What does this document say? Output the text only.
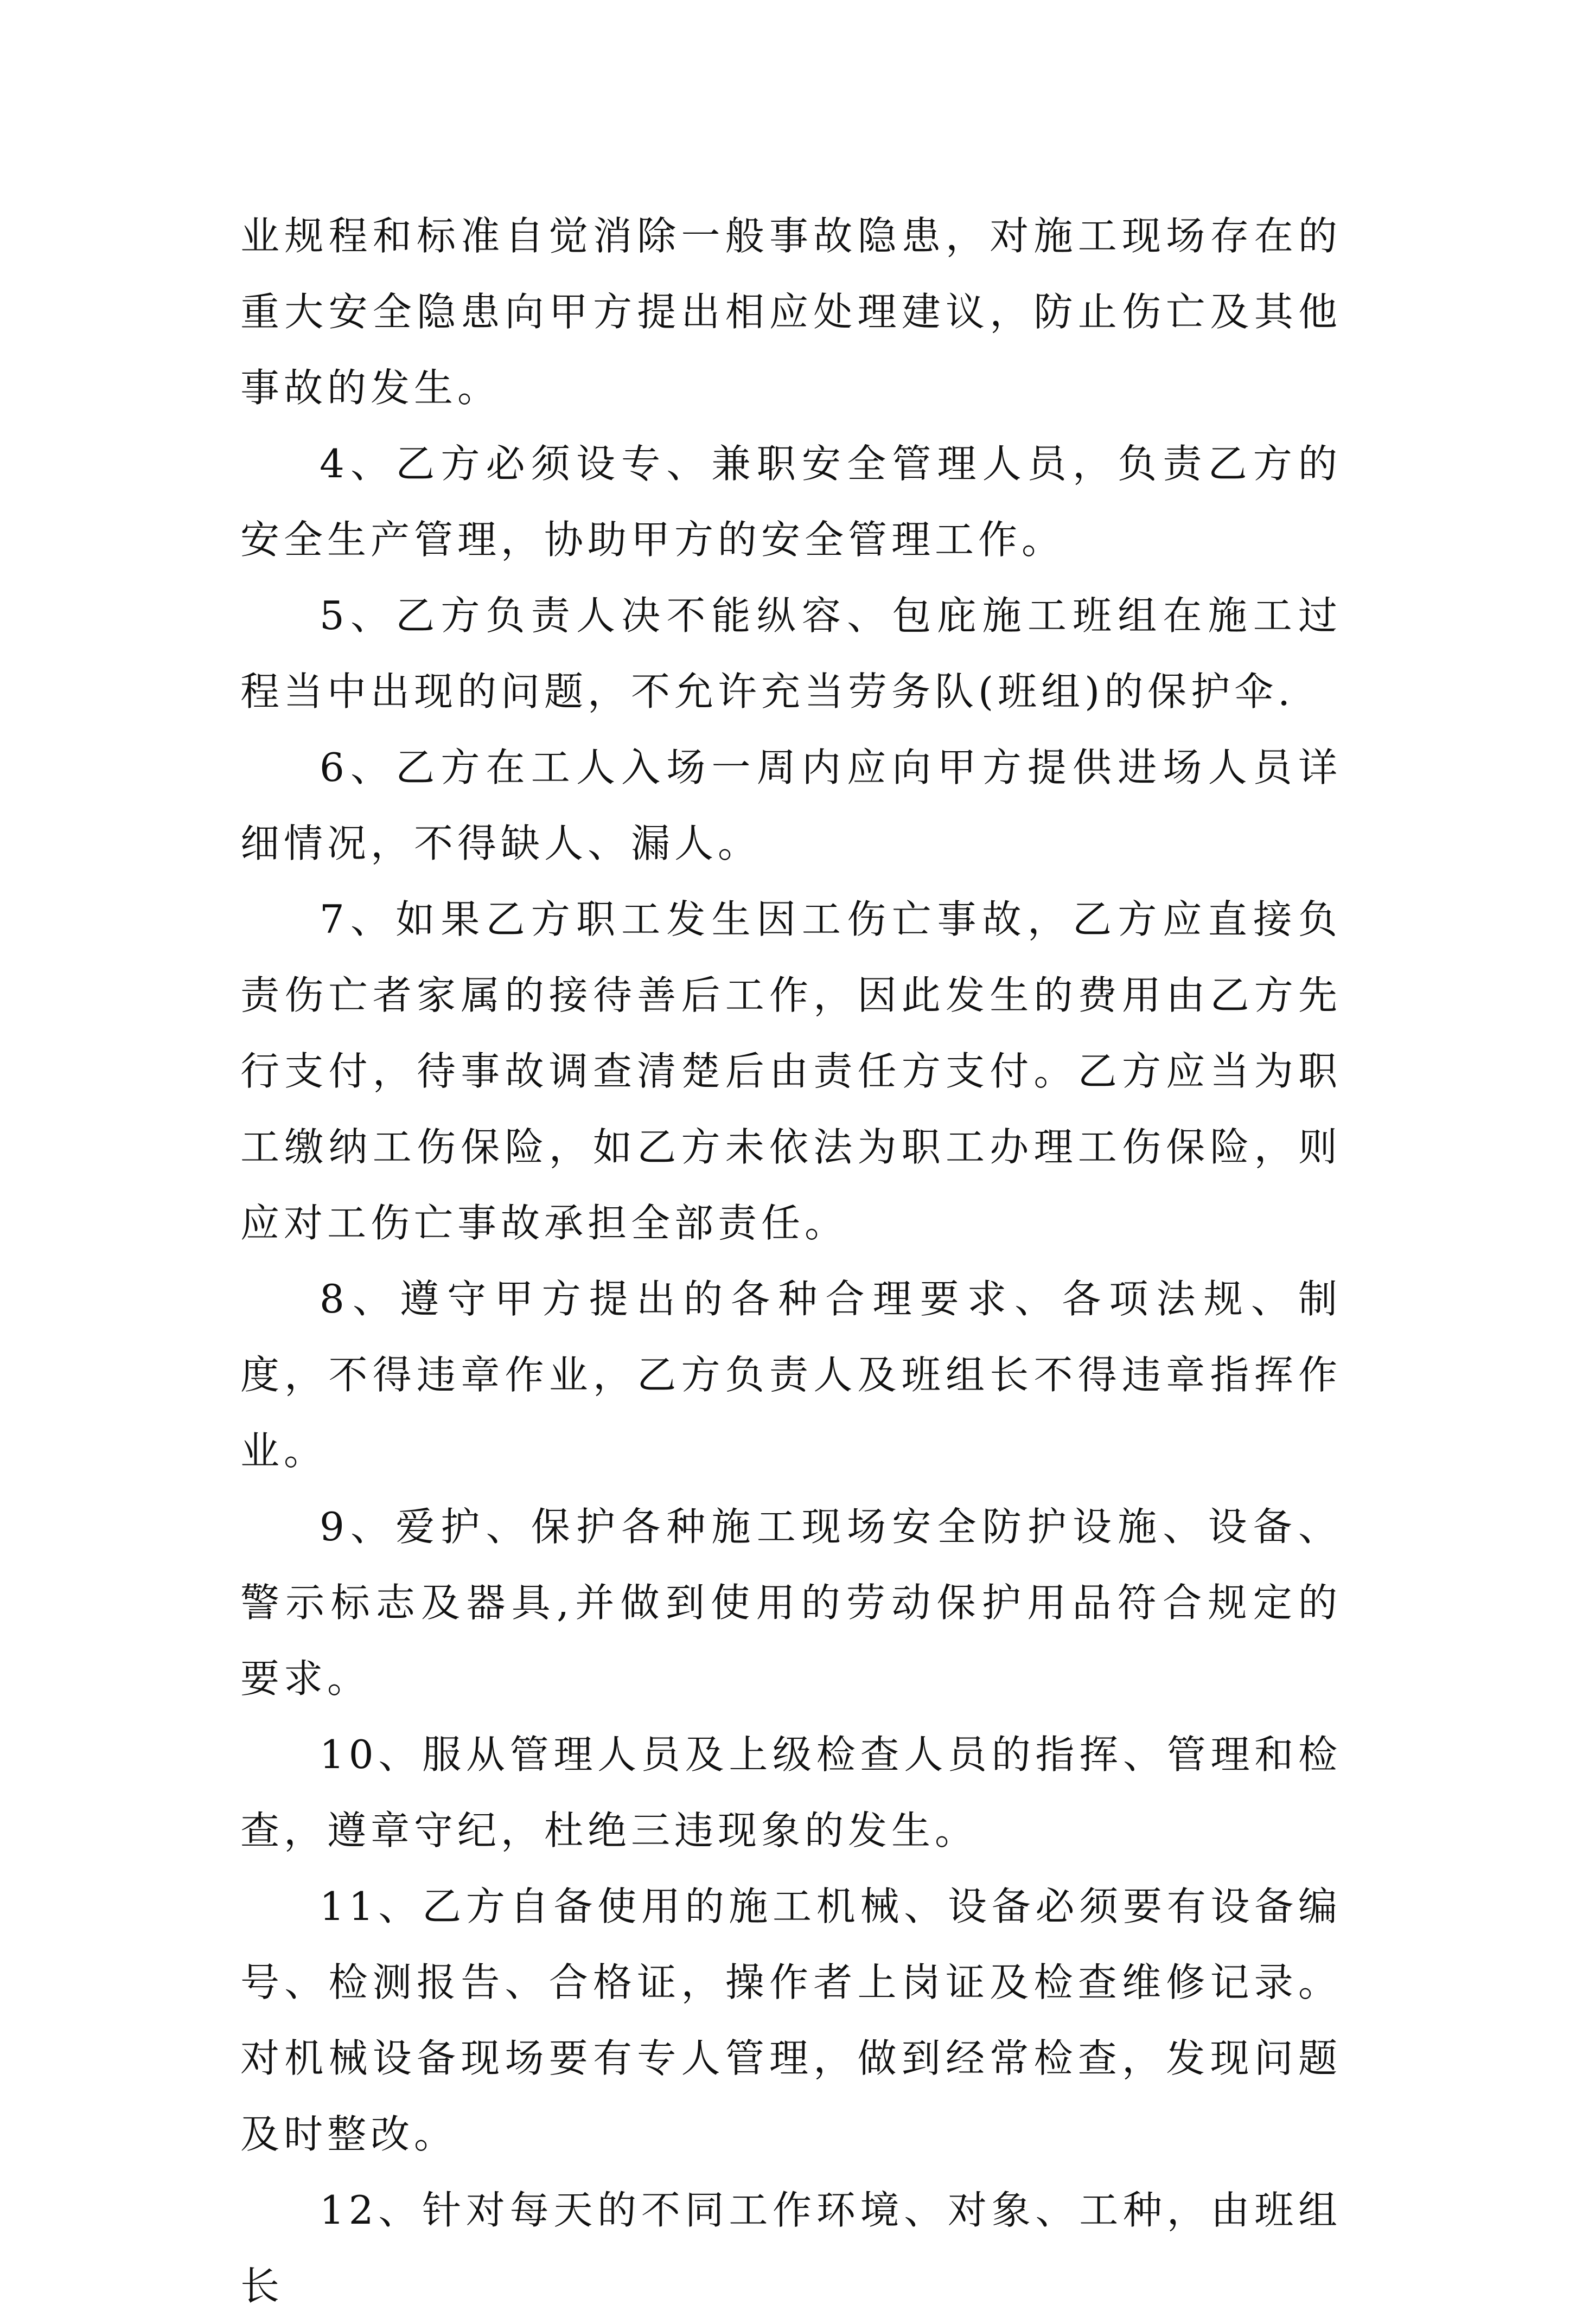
业规程和标准自觉消除一般事故隐患，对施工现场存在的重大安全隐患向甲方提出相应处理建议，防止伤亡及其他事故的发生。

4、乙方必须设专、兼职安全管理人员，负责乙方的安全生产管理，协助甲方的安全管理工作。

5、乙方负责人决不能纵容、包庇施工班组在施工过程当中出现的问题，不允许充当劳务队(班组)的保护伞.

6、乙方在工人入场一周内应向甲方提供进场人员详细情况，不得缺人、漏人。

7、如果乙方职工发生因工伤亡事故，乙方应直接负责伤亡者家属的接待善后工作，因此发生的费用由乙方先行支付，待事故调查清楚后由责任方支付。乙方应当为职工缴纳工伤保险，如乙方未依法为职工办理工伤保险，则应对工伤亡事故承担全部责任。

8、遵守甲方提出的各种合理要求、各项法规、制度，不得违章作业，乙方负责人及班组长不得违章指挥作业。

9、爱护、保护各种施工现场安全防护设施、设备、警示标志及器具,并做到使用的劳动保护用品符合规定的要求。

10、服从管理人员及上级检查人员的指挥、管理和检查，遵章守纪，杜绝三违现象的发生。

11、乙方自备使用的施工机械、设备必须要有设备编号、检测报告、合格证，操作者上岗证及检查维修记录。对机械设备现场要有专人管理，做到经常检查，发现问题及时整改。

12、针对每天的不同工作环境、对象、工种，由班组长
